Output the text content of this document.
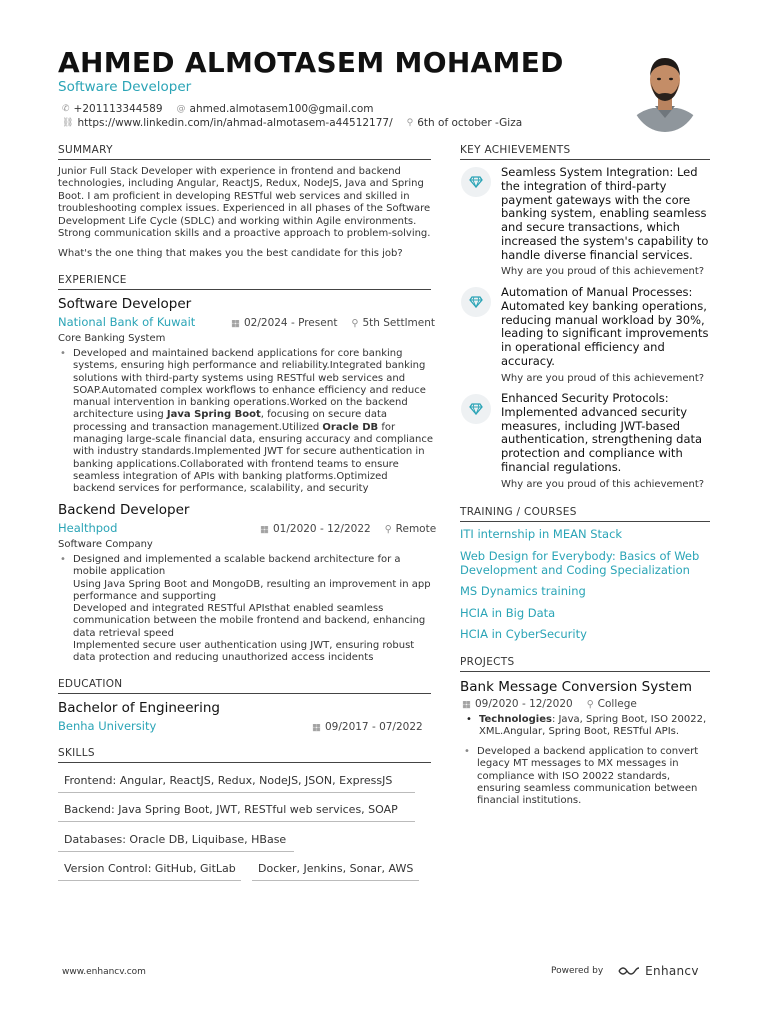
AHMED ALMOTASEM MOHAMED
Software Developer
✆ +201113344589 @ ahmed.almotasem100@gmail.com
⛓ https://www.linkedin.com/in/ahmad-almotasem-a44512177/ ⚲ 6th of october -Giza
SUMMARY
Junior Full Stack Developer with experience in frontend and backend technologies, including Angular, ReactJS, Redux, NodeJS, Java and Spring Boot. I am proficient in developing RESTful web services and skilled in troubleshooting complex issues. Experienced in all phases of the Software Development Life Cycle (SDLC) and working within Agile environments. Strong communication skills and a proactive approach to problem-solving.
What's the one thing that makes you the best candidate for this job?
EXPERIENCE
Software Developer
National Bank of Kuwait	▦ 02/2024 - Present ⚲ 5th Settlment
Core Banking System
• Developed and maintained backend applications for core banking
systems, ensuring high performance and reliability.Integrated banking
solutions with third-party systems using RESTful web services and
SOAP.Automated complex workflows to enhance efficiency and reduce
manual intervention in banking operations.Worked on the backend
architecture using Java Spring Boot, focusing on secure data
processing and transaction management.Utilized Oracle DB for
managing large-scale financial data, ensuring accuracy and compliance
with industry standards.Implemented JWT for secure authentication in
banking applications.Collaborated with frontend teams to ensure
seamless integration of APIs with banking platforms.Optimized
backend services for performance, scalability, and security
Backend Developer
Healthpod	▦ 01/2020 - 12/2022 ⚲ Remote
Software Company
• Designed and implemented a scalable backend architecture for a
mobile application
Using Java Spring Boot and MongoDB, resulting an improvement in app
performance and supporting
Developed and integrated RESTful APIsthat enabled seamless
communication between the mobile frontend and backend, enhancing
data retrieval speed
Implemented secure user authentication using JWT, ensuring robust
data protection and reducing unauthorized access incidents
EDUCATION
Bachelor of Engineering
Benha University	▦ 09/2017 - 07/2022
SKILLS
Frontend: Angular, ReactJS, Redux, NodeJS, JSON, ExpressJS
Backend: Java Spring Boot, JWT, RESTful web services, SOAP
Databases: Oracle DB, Liquibase, HBase
Version Control: GitHub, GitLab	Docker, Jenkins, Sonar, AWS
KEY ACHIEVEMENTS
Seamless System Integration: Led
the integration of third-party
payment gateways with the core
banking system, enabling seamless
and secure transactions, which
increased the system's capability to
handle diverse financial services.
Why are you proud of this achievement?
Automation of Manual Processes:
Automated key banking operations,
reducing manual workload by 30%,
leading to significant improvements
in operational efficiency and
accuracy.
Why are you proud of this achievement?
Enhanced Security Protocols:
Implemented advanced security
measures, including JWT-based
authentication, strengthening data
protection and compliance with
financial regulations.
Why are you proud of this achievement?
TRAINING / COURSES
ITI internship in MEAN Stack
Web Design for Everybody: Basics of Web
Development and Coding Specialization
MS Dynamics training
HCIA in Big Data
HCIA in CyberSecurity
PROJECTS
Bank Message Conversion System
▦ 09/2020 - 12/2020 ⚲ College
• Technologies: Java, Spring Boot, ISO 20022,
XML.Angular, Spring Boot, RESTful APIs.
• Developed a backend application to convert
legacy MT messages to MX messages in
compliance with ISO 20022 standards,
ensuring seamless communication between
financial institutions.
www.enhancv.com	Powered by	Enhancv
